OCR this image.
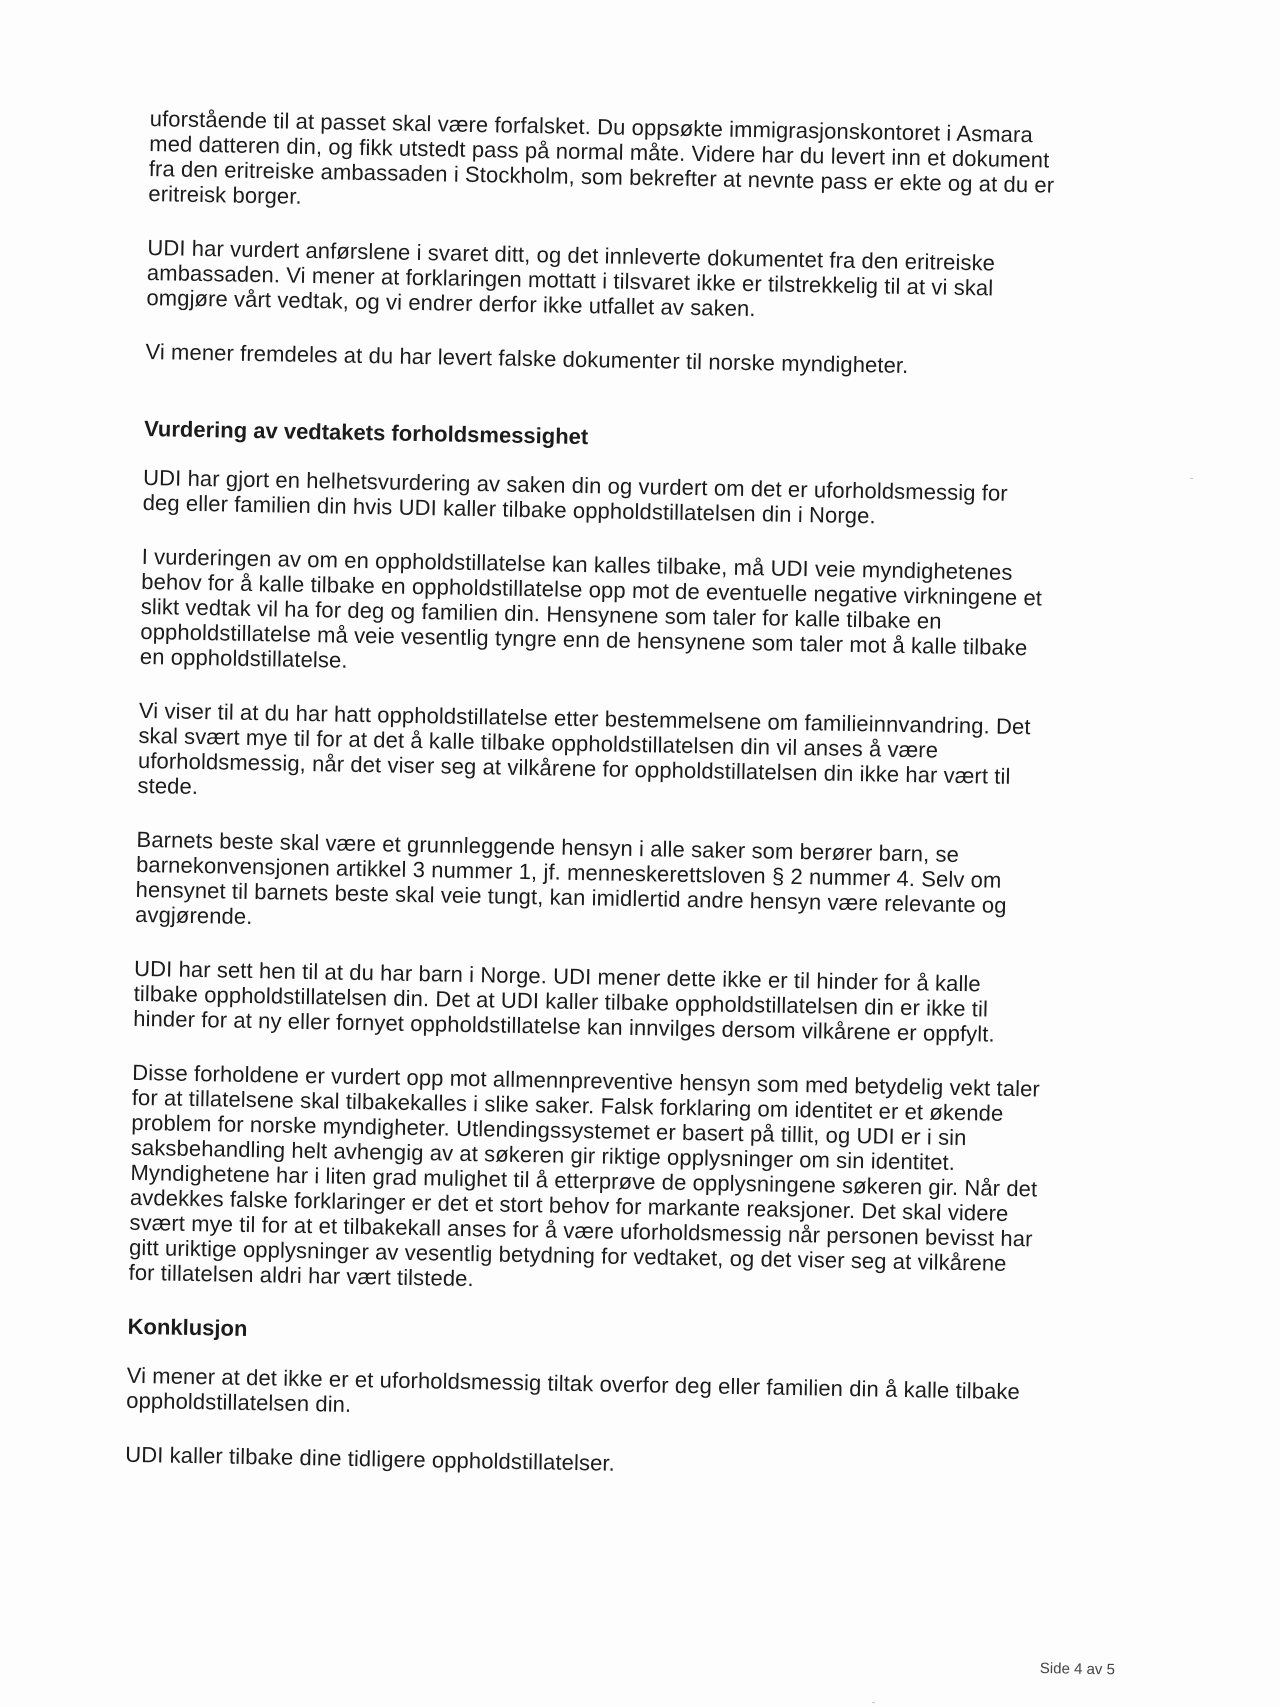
uforstående til at passet skal være forfalsket. Du oppsøkte immigrasjonskontoret i Asmara
med datteren din, og fikk utstedt pass på normal måte. Videre har du levert inn et dokument
fra den eritreiske ambassaden i Stockholm, som bekrefter at nevnte pass er ekte og at du er
eritreisk borger.

UDI har vurdert anførslene i svaret ditt, og det innleverte dokumentet fra den eritreiske
ambassaden. Vi mener at forklaringen mottatt i tilsvaret ikke er tilstrekkelig til at vi skal
omgjøre vårt vedtak, og vi endrer derfor ikke utfallet av saken.

Vi mener fremdeles at du har levert falske dokumenter til norske myndigheter.

Vurdering av vedtakets forholdsmessighet

UDI har gjort en helhetsvurdering av saken din og vurdert om det er uforholdsmessig for
deg eller familien din hvis UDI kaller tilbake oppholdstillatelsen din i Norge.

I vurderingen av om en oppholdstillatelse kan kalles tilbake, må UDI veie myndighetenes
behov for å kalle tilbake en oppholdstillatelse opp mot de eventuelle negative virkningene et
slikt vedtak vil ha for deg og familien din. Hensynene som taler for kalle tilbake en
oppholdstillatelse må veie vesentlig tyngre enn de hensynene som taler mot å kalle tilbake
en oppholdstillatelse.

Vi viser til at du har hatt oppholdstillatelse etter bestemmelsene om familieinnvandring. Det
skal svært mye til for at det å kalle tilbake oppholdstillatelsen din vil anses å være
uforholdsmessig, når det viser seg at vilkårene for oppholdstillatelsen din ikke har vært til
stede.

Barnets beste skal være et grunnleggende hensyn i alle saker som berører barn, se
barnekonvensjonen artikkel 3 nummer 1, jf. menneskerettsloven § 2 nummer 4. Selv om
hensynet til barnets beste skal veie tungt, kan imidlertid andre hensyn være relevante og
avgjørende.

UDI har sett hen til at du har barn i Norge. UDI mener dette ikke er til hinder for å kalle
tilbake oppholdstillatelsen din. Det at UDI kaller tilbake oppholdstillatelsen din er ikke til
hinder for at ny eller fornyet oppholdstillatelse kan innvilges dersom vilkårene er oppfylt.

Disse forholdene er vurdert opp mot allmennpreventive hensyn som med betydelig vekt taler
for at tillatelsene skal tilbakekalles i slike saker. Falsk forklaring om identitet er et økende
problem for norske myndigheter. Utlendingssystemet er basert på tillit, og UDI er i sin
saksbehandling helt avhengig av at søkeren gir riktige opplysninger om sin identitet.
Myndighetene har i liten grad mulighet til å etterprøve de opplysningene søkeren gir. Når det
avdekkes falske forklaringer er det et stort behov for markante reaksjoner. Det skal videre
svært mye til for at et tilbakekall anses for å være uforholdsmessig når personen bevisst har
gitt uriktige opplysninger av vesentlig betydning for vedtaket, og det viser seg at vilkårene
for tillatelsen aldri har vært tilstede.

Konklusjon

Vi mener at det ikke er et uforholdsmessig tiltak overfor deg eller familien din å kalle tilbake
oppholdstillatelsen din.

UDI kaller tilbake dine tidligere oppholdstillatelser.

Side 4 av 5
